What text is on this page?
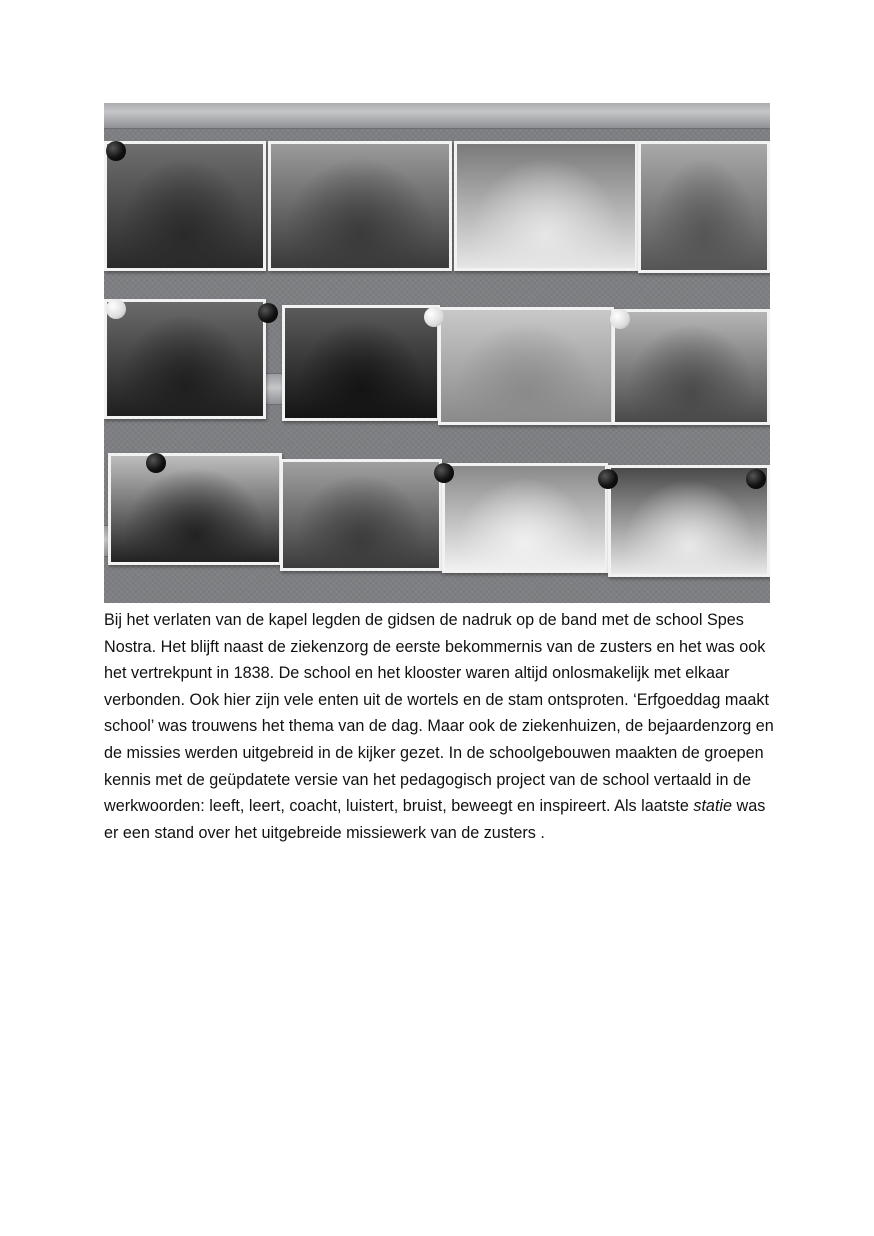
Bij het verlaten van de kapel legden de gidsen de nadruk op de band met de school Spes Nostra. Het blijft naast de ziekenzorg de eerste bekommernis van de zusters en het was ook het vertrekpunt in 1838. De school en het klooster waren altijd onlosmakelijk met elkaar verbonden. Ook hier zijn vele enten uit de wortels en de stam ontsproten. ‘Erfgoeddag maakt school’ was trouwens het thema van de dag. Maar ook de ziekenhuizen, de bejaardenzorg en de missies werden uitgebreid in de kijker gezet. In de schoolgebouwen maakten de groepen kennis met de geüpdatete versie van het pedagogisch project van de school vertaald in de werkwoorden: leeft, leert, coacht, luistert, bruist, beweegt en inspireert. Als laatste statie was er een stand over het uitgebreide missiewerk van de zusters .
